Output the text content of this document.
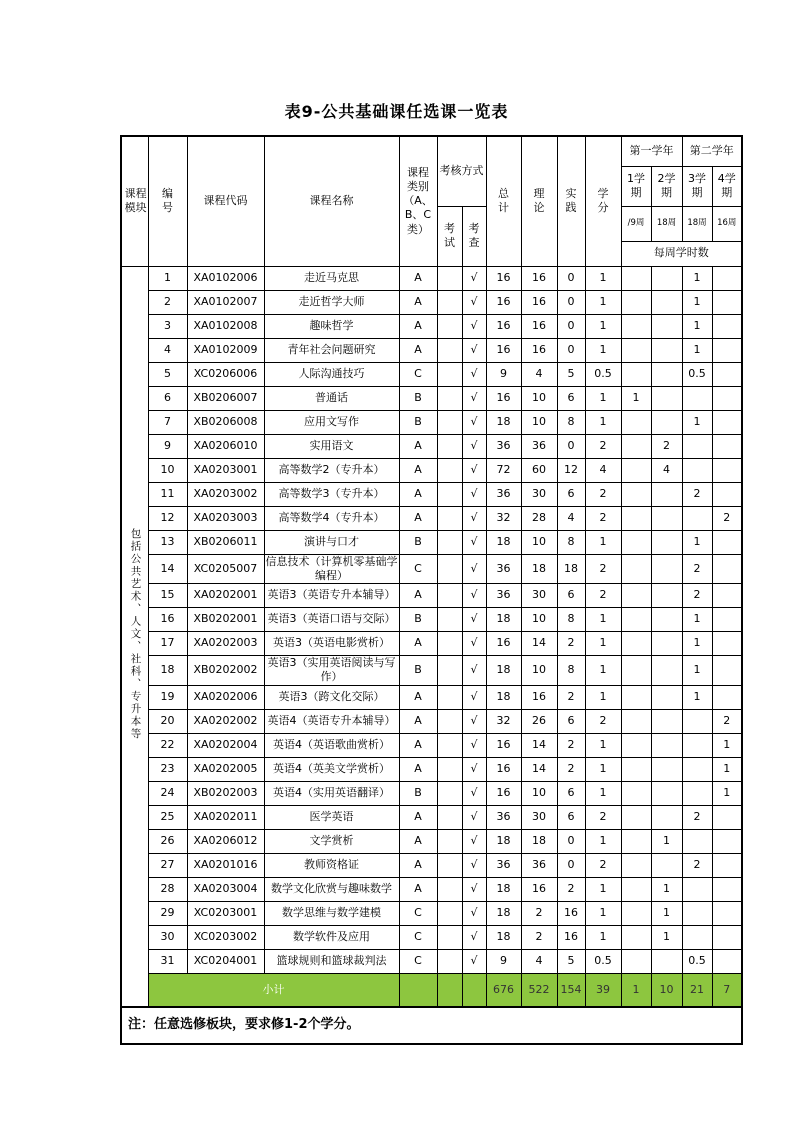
表9-公共基础课任选课一览表
课程模块	编号	课程代码	课程名称	课程类别（A、B、C类）	考核方式		总计	理论	实践	学分	第一学年		第二学年	
											1学期	2学期	3学期	4学期
					考试	考查					/9周	18周	18周	16周
											每周学时数			
包括公共艺术、人文、社科、专升本等	1	XA0102006	走近马克思	A		√	16	16	0	1			1	
	2	XA0102007	走近哲学大师	A		√	16	16	0	1			1	
	3	XA0102008	趣味哲学	A		√	16	16	0	1			1	
	4	XA0102009	青年社会问题研究	A		√	16	16	0	1			1	
	5	XC0206006	人际沟通技巧	C		√	9	4	5	0.5			0.5	
	6	XB0206007	普通话	B		√	16	10	6	1	1			
	7	XB0206008	应用文写作	B		√	18	10	8	1			1	
	9	XA0206010	实用语文	A		√	36	36	0	2		2		
	10	XA0203001	高等数学2（专升本）	A		√	72	60	12	4		4		
	11	XA0203002	高等数学3（专升本）	A		√	36	30	6	2			2	
	12	XA0203003	高等数学4（专升本）	A		√	32	28	4	2				2
	13	XB0206011	演讲与口才	B		√	18	10	8	1			1	
	14	XC0205007	信息技术（计算机零基础学编程）	C		√	36	18	18	2			2	
	15	XA0202001	英语3（英语专升本辅导）	A		√	36	30	6	2			2	
	16	XB0202001	英语3（英语口语与交际）	B		√	18	10	8	1			1	
	17	XA0202003	英语3（英语电影赏析）	A		√	16	14	2	1			1	
	18	XB0202002	英语3（实用英语阅读与写作）	B		√	18	10	8	1			1	
	19	XA0202006	英语3（跨文化交际）	A		√	18	16	2	1			1	
	20	XA0202002	英语4（英语专升本辅导）	A		√	32	26	6	2				2
	22	XA0202004	英语4（英语歌曲赏析）	A		√	16	14	2	1				1
	23	XA0202005	英语4（英美文学赏析）	A		√	16	14	2	1				1
	24	XB0202003	英语4（实用英语翻译）	B		√	16	10	6	1				1
	25	XA0202011	医学英语	A		√	36	30	6	2			2	
	26	XA0206012	文学赏析	A		√	18	18	0	1		1		
	27	XA0201016	教师资格证	A		√	36	36	0	2			2	
	28	XA0203004	数学文化欣赏与趣味数学	A		√	18	16	2	1		1		
	29	XC0203001	数学思维与数学建模	C		√	18	2	16	1		1		
	30	XC0203002	数学软件及应用	C		√	18	2	16	1		1		
	31	XC0204001	篮球规则和篮球裁判法	C		√	9	4	5	0.5			0.5	
	小计						676	522	154	39	1	10	21	7
注：任意选修板块，要求修1-2个学分。														
